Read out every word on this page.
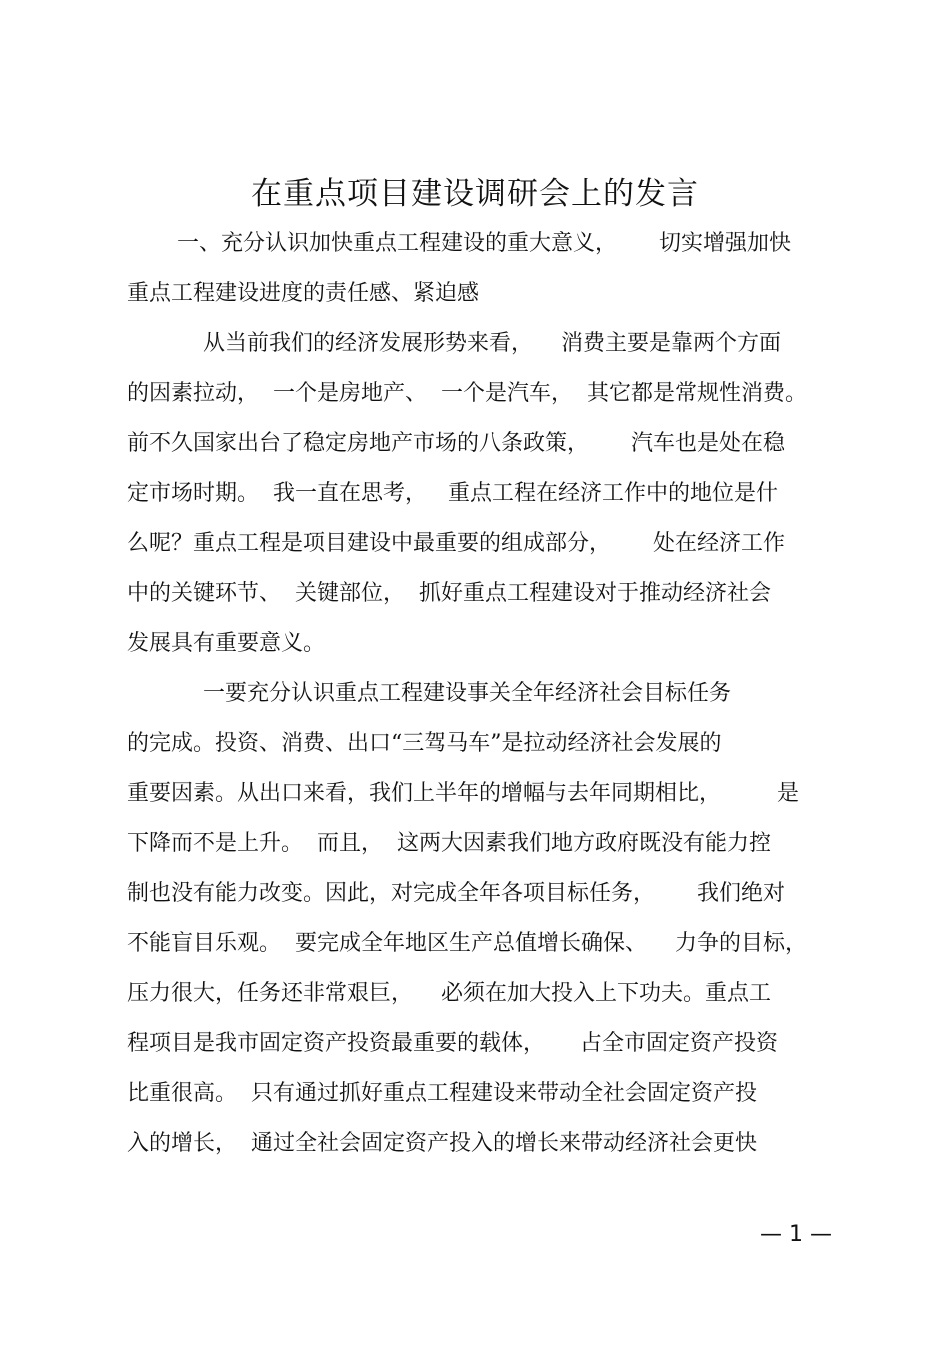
在重点项目建设调研会上的发言
一、充分认识加快重点工程建设的重大意义，      切实增强加快
重点工程建设进度的责任感、紧迫感
从当前我们的经济发展形势来看，    消费主要是靠两个方面
的因素拉动，  一个是房地产、  一个是汽车，  其它都是常规性消费。
前不久国家出台了稳定房地产市场的八条政策，      汽车也是处在稳
定市场时期。  我一直在思考，   重点工程在经济工作中的地位是什
么呢？重点工程是项目建设中最重要的组成部分，      处在经济工作
中的关键环节、  关键部位，  抓好重点工程建设对于推动经济社会
发展具有重要意义。
一要充分认识重点工程建设事关全年经济社会目标任务
的完成。投资、消费、出口“三驾马车”是拉动经济社会发展的
重要因素。从出口来看，我们上半年的增幅与去年同期相比，        是
下降而不是上升。  而且，  这两大因素我们地方政府既没有能力控
制也没有能力改变。因此，对完成全年各项目标任务，      我们绝对
不能盲目乐观。  要完成全年地区生产总值增长确保、    力争的目标，
压力很大，任务还非常艰巨，    必须在加大投入上下功夫。重点工
程项目是我市固定资产投资最重要的载体，     占全市固定资产投资
比重很高。  只有通过抓好重点工程建设来带动全社会固定资产投
入的增长，  通过全社会固定资产投入的增长来带动经济社会更快
— 1 —
